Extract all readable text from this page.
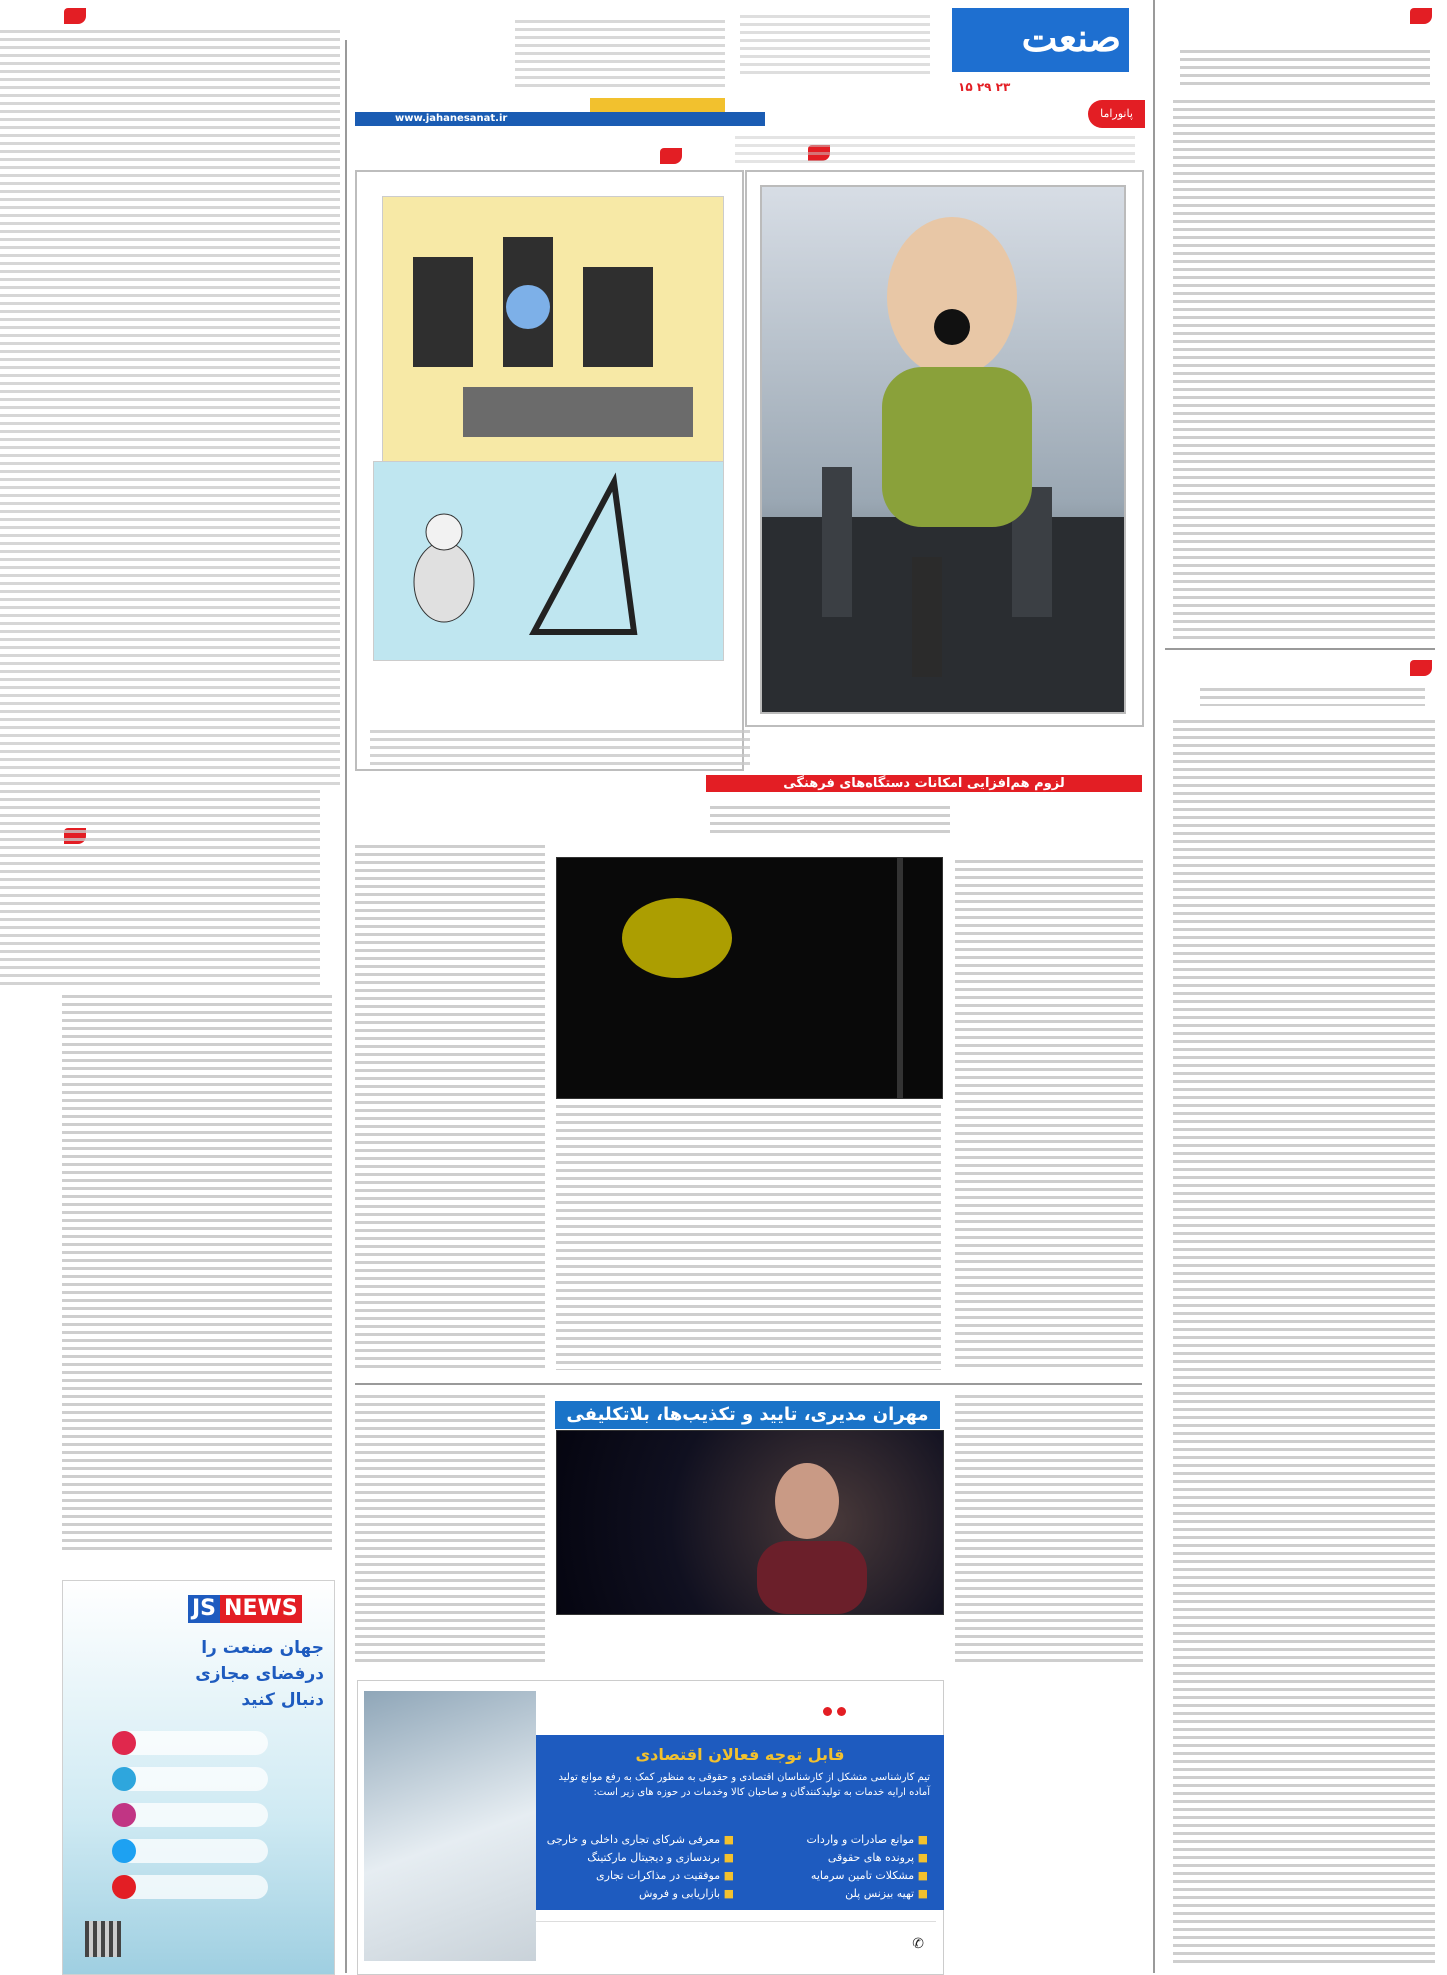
صنعت
۱۵ ۲۹ ۲۳
پانوراما
www.jahanesanat.ir
لزوم هم‌افزایی امکانات دستگاه‌های فرهنگی
مهران مدیری، تایید و تکذیب‌ها، بلاتکلیفی
قابل توجه فعالان اقتصادی
تیم کارشناسی متشکل از کارشناسان اقتصادی و حقوقی به منظور کمک به رفع موانع تولید آماده ارایه خدمات به تولیدکنندگان و صاحبان کالا وخدمات در حوزه های زیر است:
■ موانع صادرات و واردات
■ پرونده های حقوقی
■ مشکلات تامین سرمایه
■ تهیه بیزنس پلن
■ معرفی شرکای تجاری داخلی و خارجی
■ برندسازی و دیجیتال مارکتینگ
■ موفقیت در مذاکرات تجاری
■ بازاریابی و فروش

✆
JS NEWS
جهان صنعت را
درفضای مجازی
دنبال کنید
